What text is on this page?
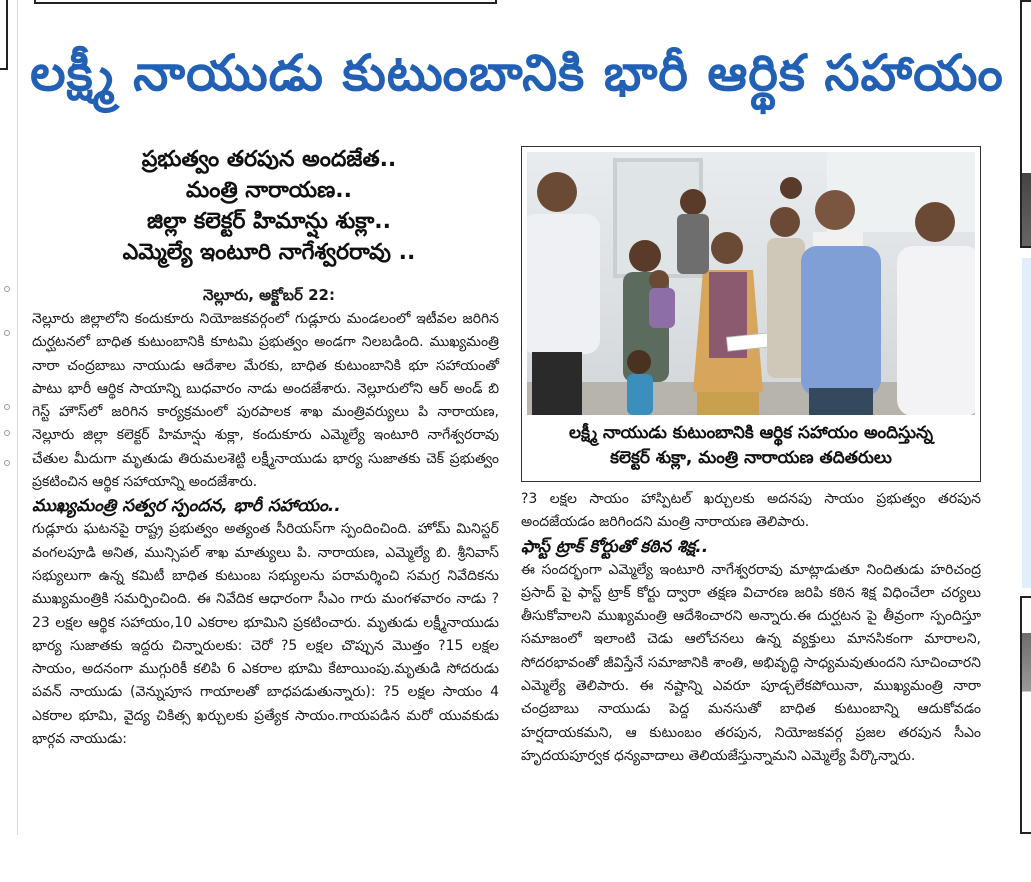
లక్ష్మీ నాయుడు కుటుంబానికి భారీ ఆర్థిక సహాయం
ప్రభుత్వం తరపున అందజేత..
మంత్రి నారాయణ..
జిల్లా కలెక్టర్ హిమాన్షు శుక్లా..
ఎమ్మెల్యే ఇంటూరి నాగేశ్వరరావు ..
నెల్లూరు, అక్టోబర్ 22:

నెల్లూరు జిల్లాలోని కందుకూరు నియోజకవర్గంలో గుడ్లూరు మండలంలో ఇటీవల జరిగిన దుర్ఘటనలో బాధిత కుటుంబానికి కూటమి ప్రభుత్వం అండగా నిలబడింది. ముఖ్యమంత్రి నారా చంద్రబాబు నాయుడు ఆదేశాల మేరకు, బాధిత కుటుంబానికి భూ సహాయంతో పాటు భారీ ఆర్థిక సాయాన్ని బుధవారం నాడు అందజేశారు. నెల్లూరులోని ఆర్ అండ్ బి గెస్ట్ హౌస్‌లో జరిగిన కార్యక్రమంలో పురపాలక శాఖ మంత్రివర్యులు పి నారాయణ, నెల్లూరు జిల్లా కలెక్టర్ హిమాన్షు శుక్లా, కందుకూరు ఎమ్మెల్యే ఇంటూరి నాగేశ్వరరావు చేతుల మీదుగా మృతుడు తిరుమలశెట్టి లక్ష్మీనాయుడు భార్య సుజాతకు చెక్ ప్రభుత్వం ప్రకటించిన ఆర్థిక సహాయాన్ని అందజేశారు.

ముఖ్యమంత్రి సత్వర స్పందన, భారీ సహాయం..

గుడ్లూరు ఘటనపై రాష్ట్ర ప్రభుత్వం అత్యంత సీరియస్‌గా స్పందించింది. హోమ్ మినిస్టర్ వంగలపూడి అనిత, మున్సిపల్ శాఖ మాత్యులు పి. నారాయణ, ఎమ్మెల్యే బి. శ్రీనివాస్ సభ్యులుగా ఉన్న కమిటీ బాధిత కుటుంబ సభ్యులను పరామర్శించి సమగ్ర నివేదికను ముఖ్యమంత్రికి సమర్పించింది. ఈ నివేదిక ఆధారంగా సీఎం గారు మంగళవారం నాడు ?23 లక్షల ఆర్థిక సహాయం,10 ఎకరాల భూమిని ప్రకటించారు. మృతుడు లక్ష్మీనాయుడు భార్య సుజాతకు ఇద్దరు చిన్నారులకు: చెరో ?5 లక్షల చొప్పున మొత్తం ?15 లక్షల సాయం, అదనంగా ముగ్గురికీ కలిపి 6 ఎకరాల భూమి కేటాయింపు.మృతుడి సోదరుడు పవన్ నాయుడు (వెన్నుపూస గాయాలతో బాధపడుతున్నారు): ?5 లక్షల సాయం 4 ఎకరాల భూమి, వైద్య చికిత్స ఖర్చులకు ప్రత్యేక సాయం.గాయపడిన మరో యువకుడు భార్గవ నాయుడు:

లక్ష్మీ నాయుడు కుటుంబానికి ఆర్థిక సహాయం అందిస్తున్న
కలెక్టర్ శుక్లా, మంత్రి నారాయణ తదితరులు

?3 లక్షల సాయం హాస్పిటల్ ఖర్చులకు అదనపు సాయం ప్రభుత్వం తరపున అందజేయడం జరిగిందని మంత్రి నారాయణ తెలిపారు.

ఫాస్ట్ ట్రాక్ కోర్టుతో కఠిన శిక్ష..

ఈ సందర్భంగా ఎమ్మెల్యే ఇంటూరి నాగేశ్వరరావు మాట్లాడుతూ నిందితుడు హరిచంద్ర ప్రసాద్ పై ఫాస్ట్ ట్రాక్ కోర్టు ద్వారా తక్షణ విచారణ జరిపి కఠిన శిక్ష విధించేలా చర్యలు తీసుకోవాలని ముఖ్యమంత్రి ఆదేశించారని అన్నారు.ఈ దుర్ఘటన పై తీవ్రంగా స్పందిస్తూ సమాజంలో ఇలాంటి చెడు ఆలోచనలు ఉన్న వ్యక్తులు మానసికంగా మారాలని, సోదరభావంతో జీవిస్తేనే సమాజానికి శాంతి, అభివృద్ధి సాధ్యమవుతుందని సూచించారని ఎమ్మెల్యే తెలిపారు. ఈ నష్టాన్ని ఎవరూ పూడ్చలేకపోయినా, ముఖ్యమంత్రి నారా చంద్రబాబు నాయుడు పెద్ద మనసుతో బాధిత కుటుంబాన్ని ఆదుకోవడం హర్షదాయకమని, ఆ కుటుంబం తరపున, నియోజకవర్గ ప్రజల తరపున సీఎం హృదయపూర్వక ధన్యవాదాలు తెలియజేస్తున్నామని ఎమ్మెల్యే పేర్కొన్నారు.
